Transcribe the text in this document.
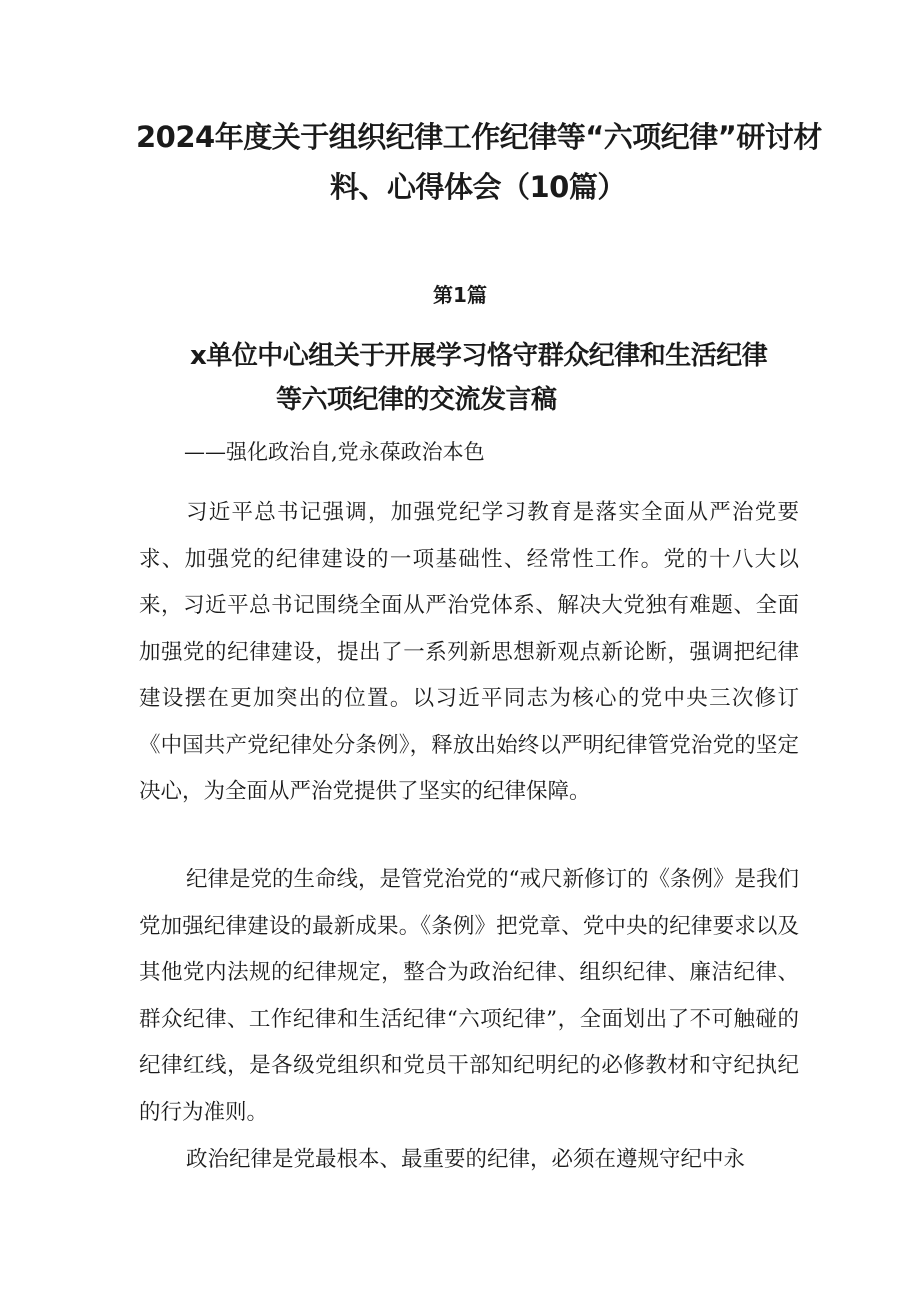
2024年度关于组织纪律工作纪律等“六项纪律”研讨材
料、心得体会（10篇）
第1篇
x单位中心组关于开展学习恪守群众纪律和生活纪律
等六项纪律的交流发言稿
——强化政治自,党永葆政治本色

习近平总书记强调，加强党纪学习教育是落实全面从严治党要求、加强党的纪律建设的一项基础性、经常性工作。党的十八大以来，习近平总书记围绕全面从严治党体系、解决大党独有难题、全面加强党的纪律建设，提出了一系列新思想新观点新论断，强调把纪律建设摆在更加突出的位置。以习近平同志为核心的党中央三次修订《中国共产党纪律处分条例》，释放出始终以严明纪律管党治党的坚定决心，为全面从严治党提供了坚实的纪律保障。

纪律是党的生命线，是管党治党的“戒尺新修订的《条例》是我们党加强纪律建设的最新成果。《条例》把党章、党中央的纪律要求以及其他党内法规的纪律规定，整合为政治纪律、组织纪律、廉洁纪律、群众纪律、工作纪律和生活纪律“六项纪律”，全面划出了不可触碰的纪律红线，是各级党组织和党员干部知纪明纪的必修教材和守纪执纪的行为准则。

政治纪律是党最根本、最重要的纪律，必须在遵规守纪中永
